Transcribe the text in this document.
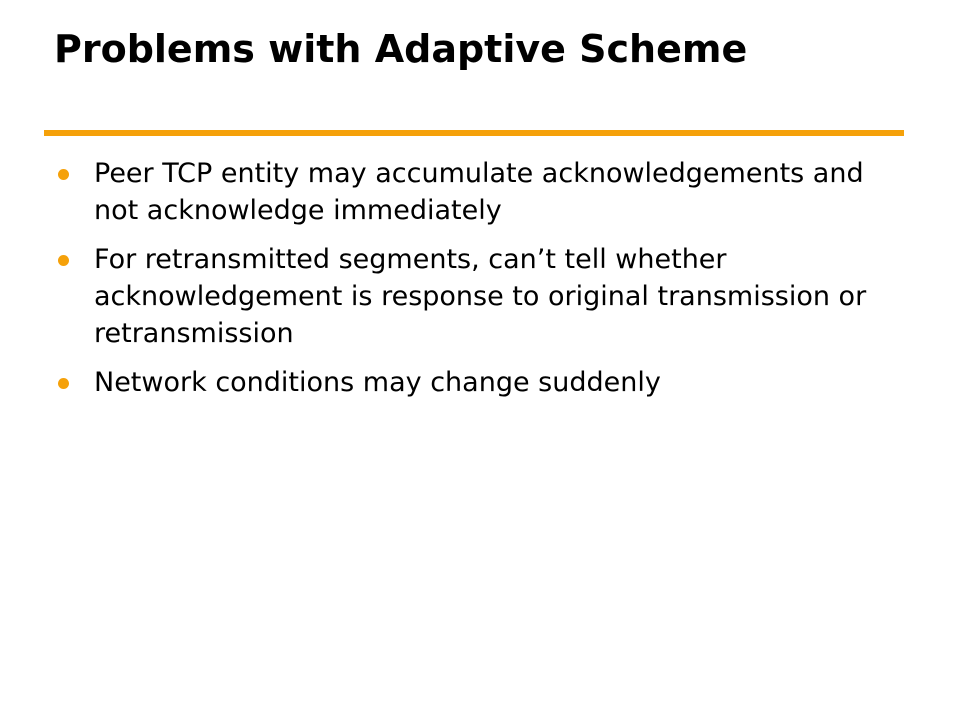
Problems with Adaptive Scheme
Peer TCP entity may accumulate acknowledgements and not acknowledge immediately
For retransmitted segments, can’t tell whether acknowledgement is response to original transmission or retransmission
Network conditions may change suddenly
